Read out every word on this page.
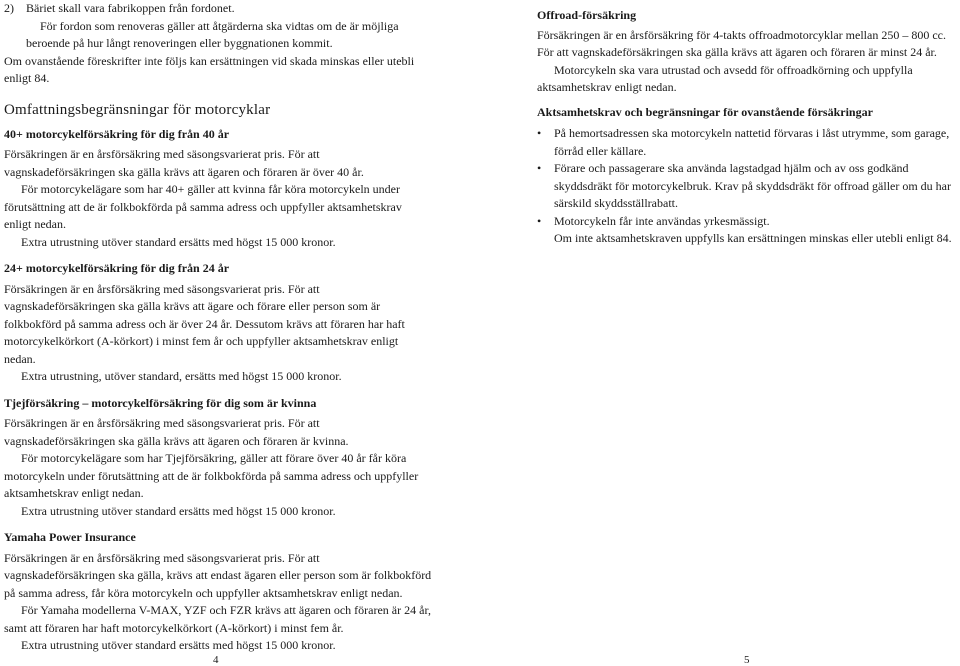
2)	Bäriet skall vara fabrikoppen från fordonet.

För fordon som renoveras gäller att åtgärderna ska vidtas om de är möjliga beroende på hur långt renoveringen eller byggnationen kommit.

Om ovanstående föreskrifter inte följs kan ersättningen vid skada minskas eller utebli enligt 84.

Omfattningsbegränsningar för motorcyklar
40+ motorcykelförsäkring för dig från 40 år

Försäkringen är en årsförsäkring med säsongsvarierat pris. För att vagnskadeförsäkringen ska gälla krävs att ägaren och föraren är över 40 år.

För motorcykelägare som har 40+ gäller att kvinna får köra motorcykeln under förutsättning att de är folkbokförda på samma adress och uppfyller aktsamhetskrav enligt nedan.

Extra utrustning utöver standard ersätts med högst 15 000 kronor.

24+ motorcykelförsäkring för dig från 24 år

Försäkringen är en årsförsäkring med säsongsvarierat pris. För att vagnskadeförsäkringen ska gälla krävs att ägare och förare eller person som är folkbokförd på samma adress och är över 24 år. Dessutom krävs att föraren har haft motorcykelkörkort (A-körkort) i minst fem år och uppfyller aktsamhetskrav enligt nedan.

Extra utrustning, utöver standard, ersätts med högst 15 000 kronor.

Tjejförsäkring – motorcykelförsäkring för dig som är kvinna

Försäkringen är en årsförsäkring med säsongsvarierat pris. För att vagnskadeförsäkringen ska gälla krävs att ägaren och föraren är kvinna.

För motorcykelägare som har Tjejförsäkring, gäller att förare över 40 år får köra motorcykeln under förutsättning att de är folkbokförda på samma adress och uppfyller aktsamhetskrav enligt nedan.

Extra utrustning utöver standard ersätts med högst 15 000 kronor.

Yamaha Power Insurance

Försäkringen är en årsförsäkring med säsongsvarierat pris. För att vagnskadeförsäkringen ska gälla, krävs att endast ägaren eller person som är folkbokförd på samma adress, får köra motorcykeln och uppfyller aktsamhetskrav enligt nedan.

För Yamaha modellerna V-MAX, YZF och FZR krävs att ägaren och föraren är 24 år, samt att föraren har haft motorcykelkörkort (A-körkort) i minst fem år.

Extra utrustning utöver standard ersätts med högst 15 000 kronor.

Offroad-försäkring

Försäkringen är en årsförsäkring för 4-takts offroadmotorcyklar mellan 250 – 800 cc.

För att vagnskadeförsäkringen ska gälla krävs att ägaren och föraren är minst 24 år.

Motorcykeln ska vara utrustad och avsedd för offroadkörning och uppfylla aktsamhetskrav enligt nedan.

Aktsamhetskrav och begränsningar för ovanstående försäkringar
• På hemortsadressen ska motorcykeln nattetid förvaras i låst utrymme, som garage, förråd eller källare.
• Förare och passagerare ska använda lagstadgad hjälm och av oss godkänd skyddsdräkt för motorcykelbruk. Krav på skyddsdräkt för offroad gäller om du har särskild skyddsställrabatt.
• Motorcykeln får inte användas yrkesmässigt.

Om inte aktsamhetskraven uppfylls kan ersättningen minskas eller utebli enligt 84.

4	5
